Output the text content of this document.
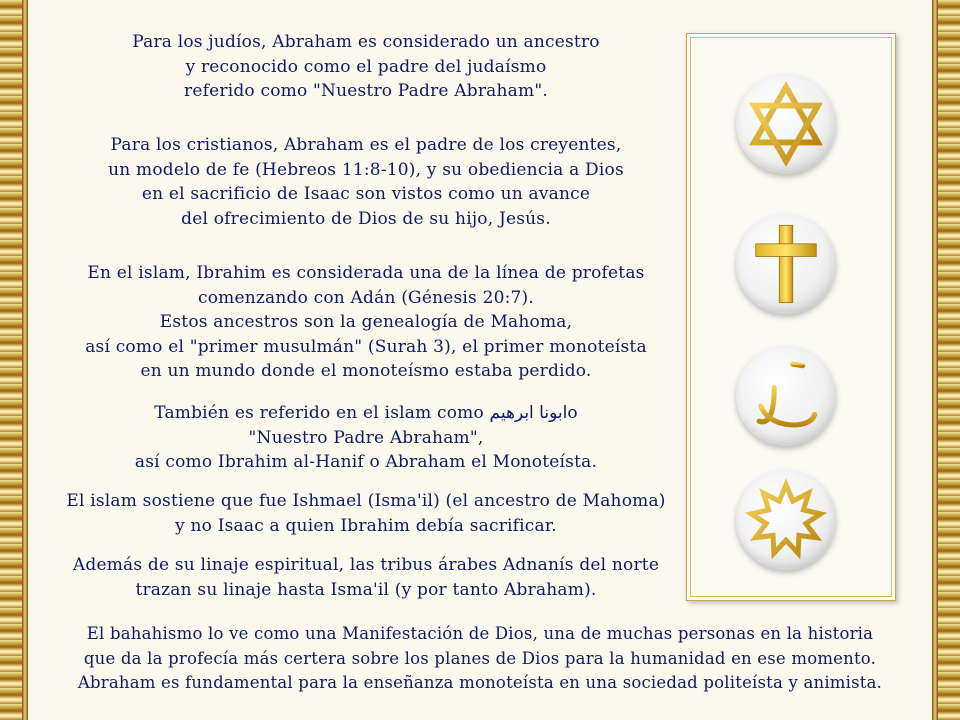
Para los judíos, Abraham es considerado un ancestro
y reconocido como el padre del judaísmo
referido como "Nuestro Padre Abraham".
Para los cristianos, Abraham es el padre de los creyentes,
un modelo de fe (Hebreos 11:8-10), y su obediencia a Dios
en el sacrificio de Isaac son vistos como un avance
del ofrecimiento de Dios de su hijo, Jesús.
En el islam, Ibrahim es considerada una de la línea de profetas
comenzando con Adán (Génesis 20:7).
Estos ancestros son la genealogía de Mahoma,
así como el "primer musulmán" (Surah 3), el primer monoteísta
en un mundo donde el monoteísmo estaba perdido.
También es referido en el islam como ابونا ابرهيمo
"Nuestro Padre Abraham",
así como Ibrahim al-Hanif o Abraham el Monoteísta.
El islam sostiene que fue Ishmael (Isma'il) (el ancestro de Mahoma)
y no Isaac a quien Ibrahim debía sacrificar.
Además de su linaje espiritual, las tribus árabes Adnanís del norte
trazan su linaje hasta Isma'il (y por tanto Abraham).
El bahahismo lo ve como una Manifestación de Dios, una de muchas personas en la historia
que da la profecía más certera sobre los planes de Dios para la humanidad en ese momento.
Abraham es fundamental para la enseñanza monoteísta en una sociedad politeísta y animista.
